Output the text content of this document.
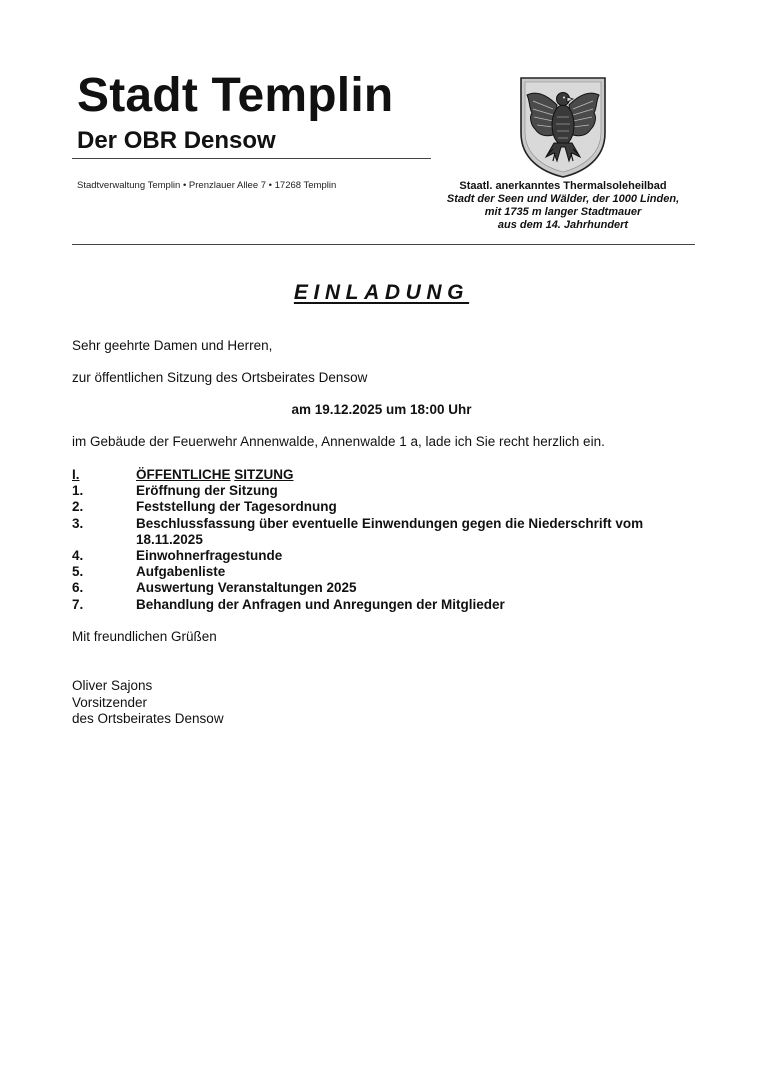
Stadt Templin
Der OBR Densow
Stadtverwaltung Templin • Prenzlauer Allee 7 • 17268 Templin	Staatl. anerkanntes Thermalsoleheilbad
Stadt der Seen und Wälder, der 1000 Linden,
mit 1735 m langer Stadtmauer
aus dem 14. Jahrhundert
EINLADUNG
Sehr geehrte Damen und Herren,
zur öffentlichen Sitzung des Ortsbeirates Densow
am 19.12.2025 um 18:00 Uhr
im Gebäude der Feuerwehr Annenwalde, Annenwalde 1 a, lade ich Sie recht herzlich ein.
I.	ÖFFENTLICHE SITZUNG
1.	Eröffnung der Sitzung
2.	Feststellung der Tagesordnung
3.	Beschlussfassung über eventuelle Einwendungen gegen die Niederschrift vom 18.11.2025
4.	Einwohnerfragestunde
5.	Aufgabenliste
6.	Auswertung Veranstaltungen 2025
7.	Behandlung der Anfragen und Anregungen der Mitglieder
Mit freundlichen Grüßen
Oliver Sajons
Vorsitzender
des Ortsbeirates Densow
